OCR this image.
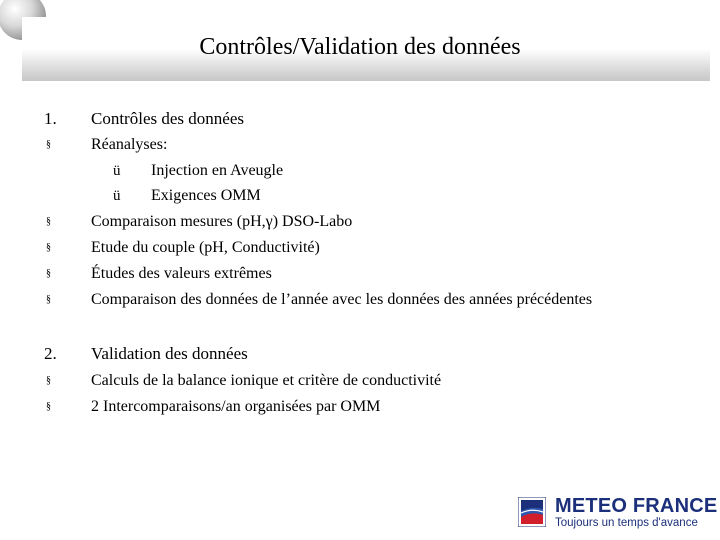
Contrôles/Validation des données
1. Contrôles des données
§	Réanalyses:
ü Injection en Aveugle
ü Exigences OMM
§	Comparaison mesures (pH,γ) DSO-Labo
§	Etude du couple (pH, Conductivité)
§	Études des valeurs extrêmes
§	Comparaison des données de l’année avec les données des années précédentes
2. Validation des données
§	Calculs de la balance ionique et critère de conductivité
§	2 Intercomparaisons/an organisées par OMM
METEO FRANCE
Toujours un temps d'avance
